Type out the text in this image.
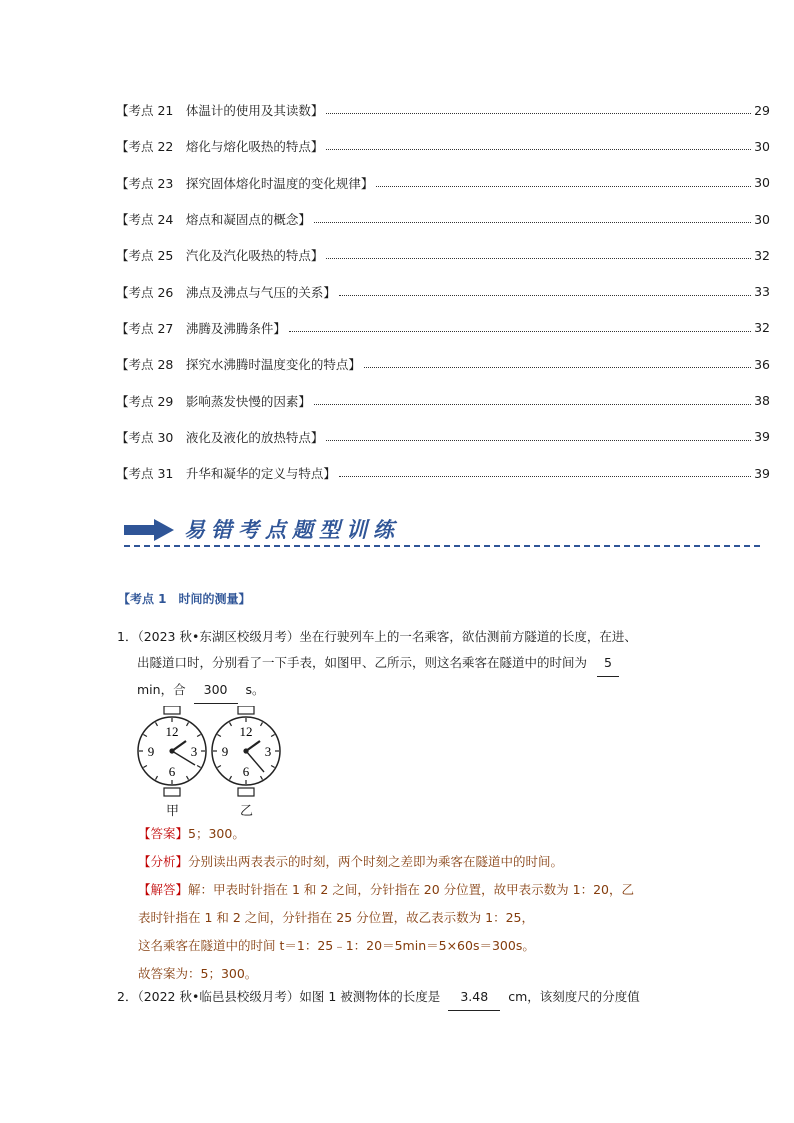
【考点 21　体温计的使用及其读数】	29
【考点 22　熔化与熔化吸热的特点】	30
【考点 23　探究固体熔化时温度的变化规律】	30
【考点 24　熔点和凝固点的概念】	30
【考点 25　汽化及汽化吸热的特点】	32
【考点 26　沸点及沸点与气压的关系】	33
【考点 27　沸腾及沸腾条件】	32
【考点 28　探究水沸腾时温度变化的特点】	36
【考点 29　影响蒸发快慢的因素】	38
【考点 30　液化及液化的放热特点】	39
【考点 31　升华和凝华的定义与特点】	39
易错考点题型训练
【考点 1　时间的测量】
1．（2023 秋•东湖区校级月考）坐在行驶列车上的一名乘客，欲估测前方隧道的长度，在进、
出隧道口时，分别看了一下手表，如图甲、乙所示，则这名乘客在隧道中的时间为 5
min，合 300 s。
12
3
6
9
12
3
6
9
甲	乙
【答案】5；300。
【分析】分别读出两表表示的时刻，两个时刻之差即为乘客在隧道中的时间。
【解答】解：甲表时针指在 1 和 2 之间，分针指在 20 分位置，故甲表示数为 1：20，乙
表时针指在 1 和 2 之间，分针指在 25 分位置，故乙表示数为 1：25，
这名乘客在隧道中的时间 t＝1：25﹣1：20＝5min＝5×60s＝300s。
故答案为：5；300。
2．（2022 秋•临邑县校级月考）如图 1 被测物体的长度是 3.48 cm，该刻度尺的分度值
